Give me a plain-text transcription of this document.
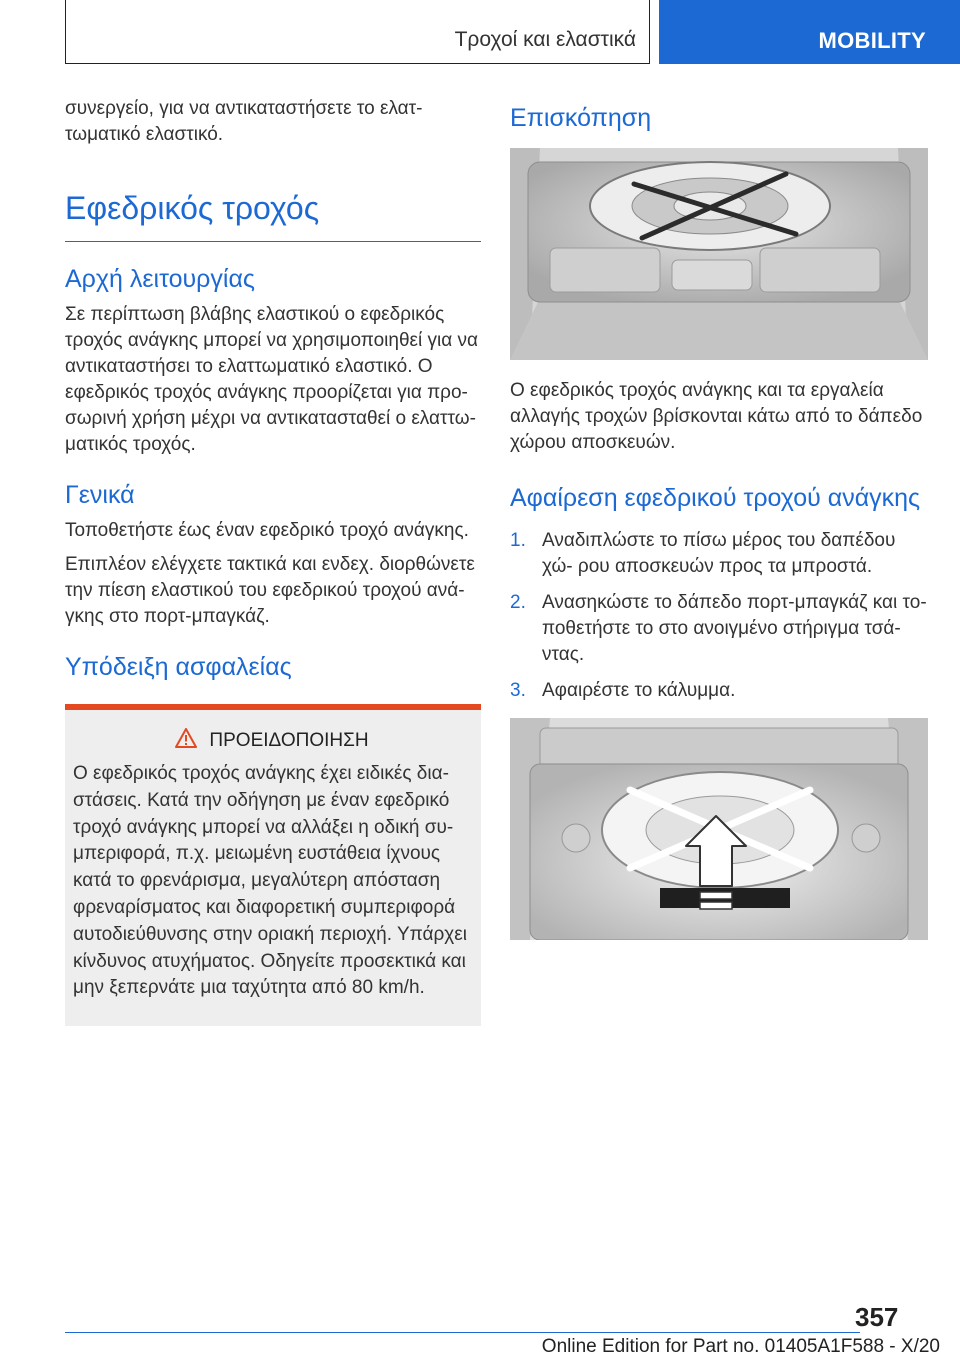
Τροχοί και ελαστικά	MOBILITY

συνεργείο, για να αντικαταστήσετε το ελατ‐ τωματικό ελαστικό.

Εφεδρικός τροχός
Αρχή λειτουργίας

Σε περίπτωση βλάβης ελαστικού ο εφεδρικός τροχός ανάγκης μπορεί να χρησιμοποιηθεί για να αντικαταστήσει το ελαττωματικό ελαστικό. Ο εφεδρικός τροχός ανάγκης προορίζεται για προ‐ σωρινή χρήση μέχρι να αντικατασταθεί ο ελαττω‐ ματικός τροχός.

Γενικά

Τοποθετήστε έως έναν εφεδρικό τροχό ανάγκης.

Επιπλέον ελέγχετε τακτικά και ενδεχ. διορθώνετε την πίεση ελαστικού του εφεδρικού τροχού ανά‐ γκης στο πορτ-μπαγκάζ.

Υπόδειξη ασφαλείας
ΠΡΟΕΙΔΟΠΟΙΗΣΗ

Ο εφεδρικός τροχός ανάγκης έχει ειδικές δια‐ στάσεις. Κατά την οδήγηση με έναν εφεδρικό τροχό ανάγκης μπορεί να αλλάξει η οδική συ‐ μπεριφορά, π.χ. μειωμένη ευστάθεια ίχνους κατά το φρενάρισμα, μεγαλύτερη απόσταση φρεναρίσματος και διαφορετική συμπεριφορά αυτοδιεύθυνσης στην οριακή περιοχή. Υπάρχει κίνδυνος ατυχήματος. Οδηγείτε προσεκτικά και μην ξεπερνάτε μια ταχύτητα από 80 km/h.

Επισκόπηση

Ο εφεδρικός τροχός ανάγκης και τα εργαλεία αλλαγής τροχών βρίσκονται κάτω από το δάπεδο χώρου αποσκευών.

Αφαίρεση εφεδρικού τροχού ανάγκης
1. Αναδιπλώστε το πίσω μέρος του δαπέδου χώ‐ ρου αποσκευών προς τα μπροστά.
2. Ανασηκώστε το δάπεδο πορτ-μπαγκάζ και το‐ ποθετήστε το στο ανοιγμένο στήριγμα τσά‐ ντας.
3. Αφαιρέστε το κάλυμμα.
357
Online Edition for Part no. 01405A1F588 - X/20
